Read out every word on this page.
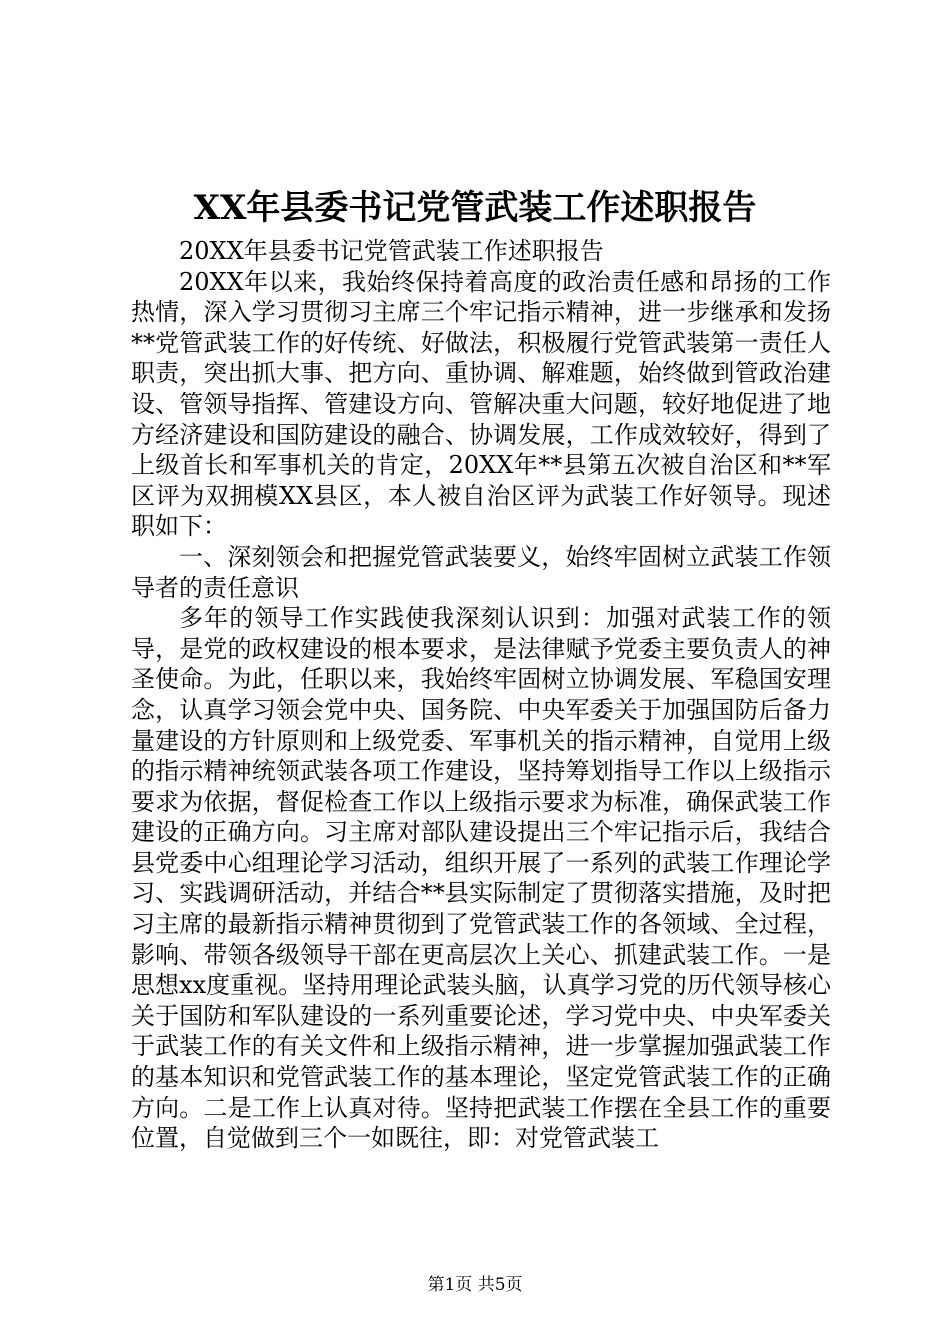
XX年县委书记党管武装工作述职报告

20XX年县委书记党管武装工作述职报告

20XX年以来，我始终保持着高度的政治责任感和昂扬的工作热情，深入学习贯彻习主席三个牢记指示精神，进一步继承和发扬**党管武装工作的好传统、好做法，积极履行党管武装第一责任人职责，突出抓大事、把方向、重协调、解难题，始终做到管政治建设、管领导指挥、管建设方向、管解决重大问题，较好地促进了地方经济建设和国防建设的融合、协调发展，工作成效较好，得到了上级首长和军事机关的肯定，20XX年**县第五次被自治区和**军区评为双拥模XX县区，本人被自治区评为武装工作好领导。现述职如下：

一、深刻领会和把握党管武装要义，始终牢固树立武装工作领导者的责任意识

多年的领导工作实践使我深刻认识到：加强对武装工作的领导，是党的政权建设的根本要求，是法律赋予党委主要负责人的神圣使命。为此，任职以来，我始终牢固树立协调发展、军稳国安理念，认真学习领会党中央、国务院、中央军委关于加强国防后备力量建设的方针原则和上级党委、军事机关的指示精神，自觉用上级的指示精神统领武装各项工作建设，坚持筹划指导工作以上级指示要求为依据，督促检查工作以上级指示要求为标准，确保武装工作建设的正确方向。习主席对部队建设提出三个牢记指示后，我结合县党委中心组理论学习活动，组织开展了一系列的武装工作理论学习、实践调研活动，并结合**县实际制定了贯彻落实措施，及时把习主席的最新指示精神贯彻到了党管武装工作的各领域、全过程，影响、带领各级领导干部在更高层次上关心、抓建武装工作。一是思想xx度重视。坚持用理论武装头脑，认真学习党的历代领导核心关于国防和军队建设的一系列重要论述，学习党中央、中央军委关于武装工作的有关文件和上级指示精神，进一步掌握加强武装工作的基本知识和党管武装工作的基本理论，坚定党管武装工作的正确方向。二是工作上认真对待。坚持把武装工作摆在全县工作的重要位置，自觉做到三个一如既往，即：对党管武装工

第1页 共5页
